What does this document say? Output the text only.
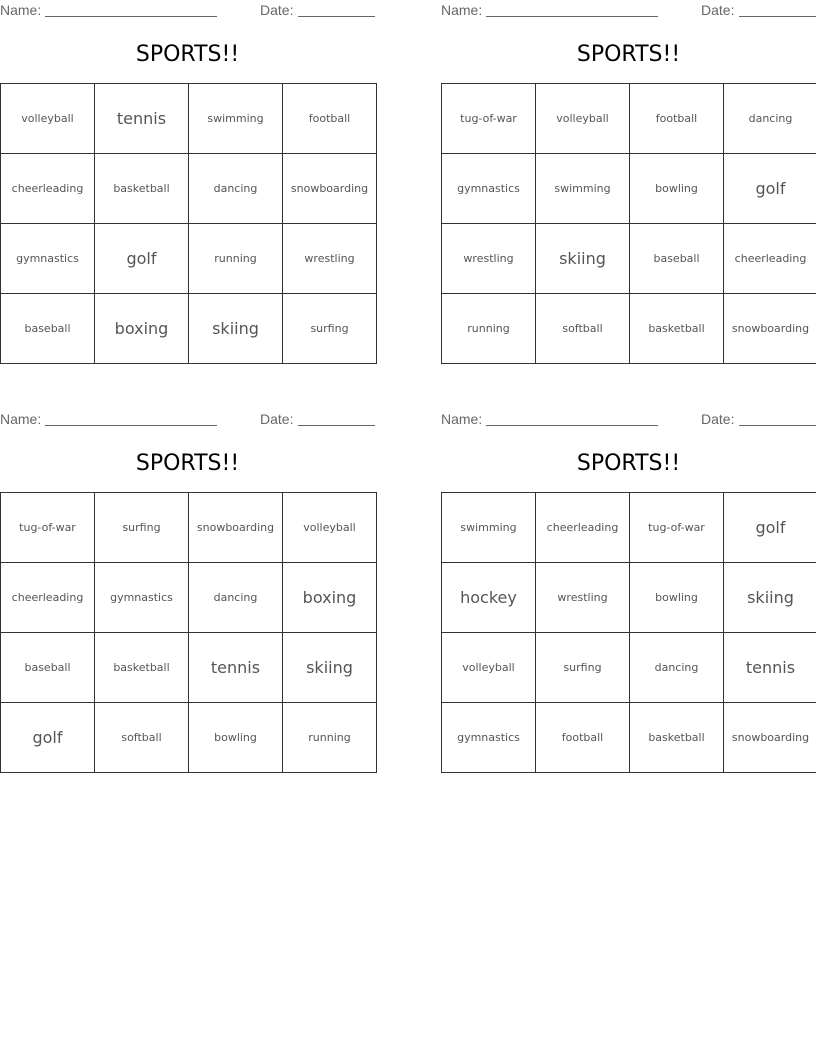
Name:	Date:
SPORTS!!
volleyball	tennis	swimming	football
cheerleading	basketball	dancing	snowboarding
gymnastics	golf	running	wrestling
baseball	boxing	skiing	surfing
Name:	Date:
SPORTS!!
tug-of-war	volleyball	football	dancing
gymnastics	swimming	bowling	golf
wrestling	skiing	baseball	cheerleading
running	softball	basketball	snowboarding
Name:	Date:
SPORTS!!
tug-of-war	surfing	snowboarding	volleyball
cheerleading	gymnastics	dancing	boxing
baseball	basketball	tennis	skiing
golf	softball	bowling	running
Name:	Date:
SPORTS!!
swimming	cheerleading	tug-of-war	golf
hockey	wrestling	bowling	skiing
volleyball	surfing	dancing	tennis
gymnastics	football	basketball	snowboarding
